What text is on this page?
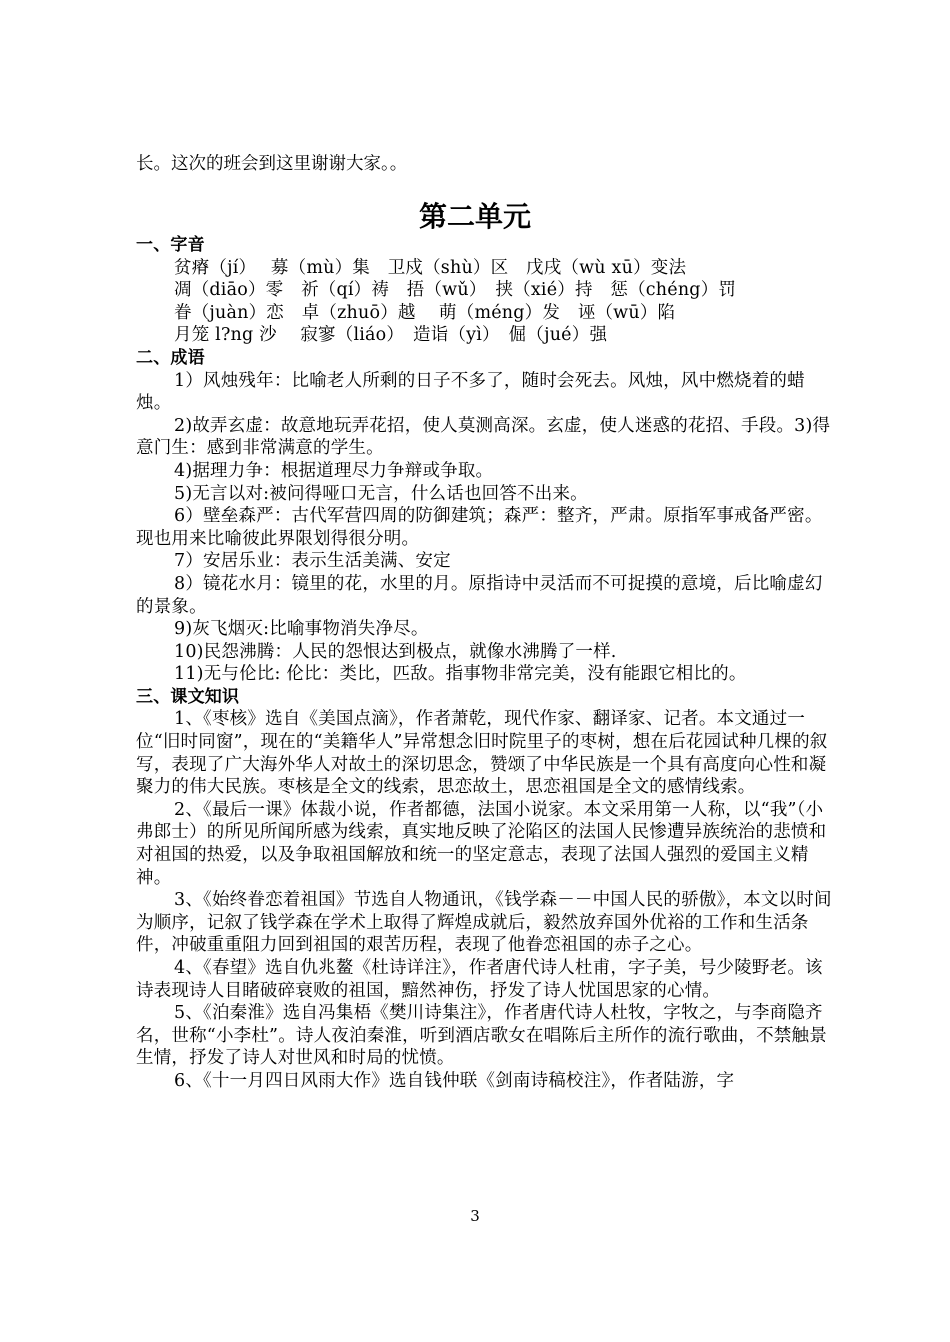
长。这次的班会到这里谢谢大家。。

第二单元

一、字音

贫瘠（jí）　 募（mù）集　卫戍（shù）区　戊戌（wù xū）变法

凋（diāo）零　祈（qí）祷　捂（wǔ）　挟（xié）持　惩（chéng）罚

眷（juàn）恋　卓（zhuō）越　 萌（méng）发　诬（wū）陷

月笼 l?ng 沙　 寂寥（liáo）　造诣（yì）　倔（jué）强

二、成语

1）风烛残年：比喻老人所剩的日子不多了，随时会死去。风烛，风中燃烧着的蜡烛。

2)故弄玄虚：故意地玩弄花招，使人莫测高深。玄虚，使人迷惑的花招、手段。3)得意门生：感到非常满意的学生。

4)据理力争：根据道理尽力争辩或争取。

5)无言以对:被问得哑口无言，什么话也回答不出来。

6）壁垒森严：古代军营四周的防御建筑；森严：整齐，严肃。原指军事戒备严密。现也用来比喻彼此界限划得很分明。

7）安居乐业：表示生活美满、安定

8）镜花水月：镜里的花，水里的月。原指诗中灵活而不可捉摸的意境，后比喻虚幻的景象。

9)灰飞烟灭:比喻事物消失净尽。

10)民怨沸腾：人民的怨恨达到极点，就像水沸腾了一样.

11)无与伦比: 伦比：类比，匹敌。指事物非常完美，没有能跟它相比的。

三、课文知识

1、《枣核》选自《美国点滴》，作者萧乾，现代作家、翻译家、记者。本文通过一位“旧时同窗”，现在的“美籍华人”异常想念旧时院里子的枣树，想在后花园试种几棵的叙写，表现了广大海外华人对故土的深切思念，赞颂了中华民族是一个具有高度向心性和凝聚力的伟大民族。枣核是全文的线索，思恋故土，思恋祖国是全文的感情线索。

2、《最后一课》体裁小说，作者都德，法国小说家。本文采用第一人称，以“我”（小弗郎士）的所见所闻所感为线索，真实地反映了沦陷区的法国人民惨遭异族统治的悲愤和对祖国的热爱，以及争取祖国解放和统一的坚定意志，表现了法国人强烈的爱国主义精神。

3、《始终眷恋着祖国》节选自人物通讯，《钱学森－－中国人民的骄傲》，本文以时间为顺序，记叙了钱学森在学术上取得了辉煌成就后，毅然放弃国外优裕的工作和生活条件，冲破重重阻力回到祖国的艰苦历程，表现了他眷恋祖国的赤子之心。

4、《春望》选自仇兆鳌《杜诗详注》，作者唐代诗人杜甫，字子美，号少陵野老。该诗表现诗人目睹破碎衰败的祖国，黯然神伤，抒发了诗人忧国思家的心情。

5、《泊秦淮》选自冯集梧《樊川诗集注》，作者唐代诗人杜牧，字牧之，与李商隐齐名，世称“小李杜”。诗人夜泊秦淮，听到酒店歌女在唱陈后主所作的流行歌曲，不禁触景生情，抒发了诗人对世风和时局的忧愤。

6、《十一月四日风雨大作》选自钱仲联《剑南诗稿校注》，作者陆游，字

3
